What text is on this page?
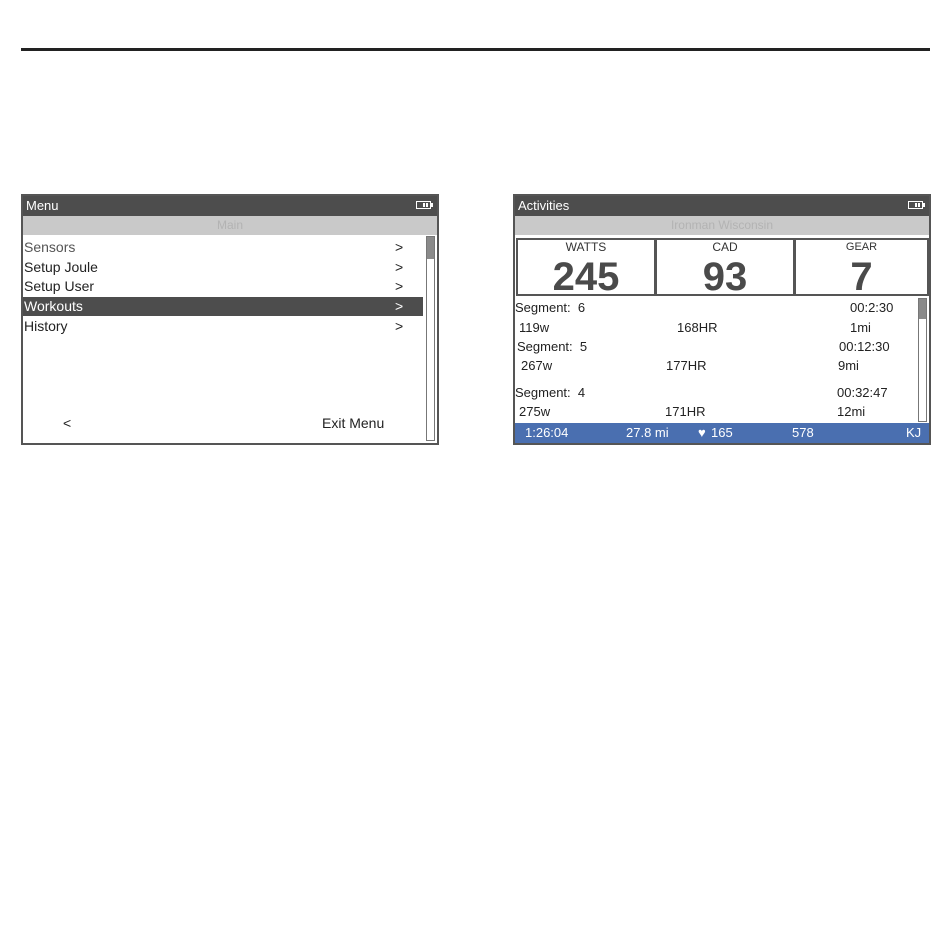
Menu
Main
Sensors	>
Setup Joule	>
Setup User	>
Workouts	>
History	>
<	Exit Menu
Activities
Ironman Wisconsin
WATTS
245
CAD
93
GEAR
7
Segment:  6	00:2:30
119w	168HR	1mi
Segment:  5	00:12:30
267w	177HR	9mi
Segment:  4	00:32:47
275w	171HR	12mi
1:26:04	27.8 mi ♥ 165	578	KJ
